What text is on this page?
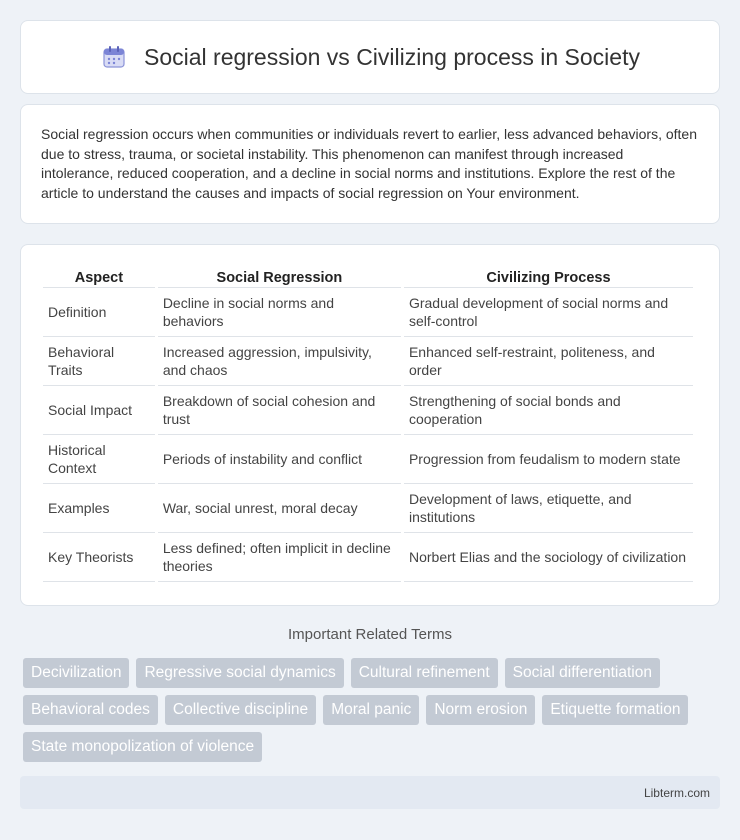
Social regression vs Civilizing process in Society

Social regression occurs when communities or individuals revert to earlier, less advanced behaviors, often due to stress, trauma, or societal instability. This phenomenon can manifest through increased intolerance, reduced cooperation, and a decline in social norms and institutions. Explore the rest of the article to understand the causes and impacts of social regression on Your environment.

Aspect	Social Regression	Civilizing Process
Definition	Decline in social norms and behaviors	Gradual development of social norms and self-control
Behavioral Traits	Increased aggression, impulsivity, and chaos	Enhanced self-restraint, politeness, and order
Social Impact	Breakdown of social cohesion and trust	Strengthening of social bonds and cooperation
Historical Context	Periods of instability and conflict	Progression from feudalism to modern state
Examples	War, social unrest, moral decay	Development of laws, etiquette, and institutions
Key Theorists	Less defined; often implicit in decline theories	Norbert Elias and the sociology of civilization
Important Related Terms
Decivilization	Regressive social dynamics	Cultural refinement	Social differentiation
Behavioral codes	Collective discipline	Moral panic	Norm erosion	Etiquette formation
State monopolization of violence
Libterm.com
